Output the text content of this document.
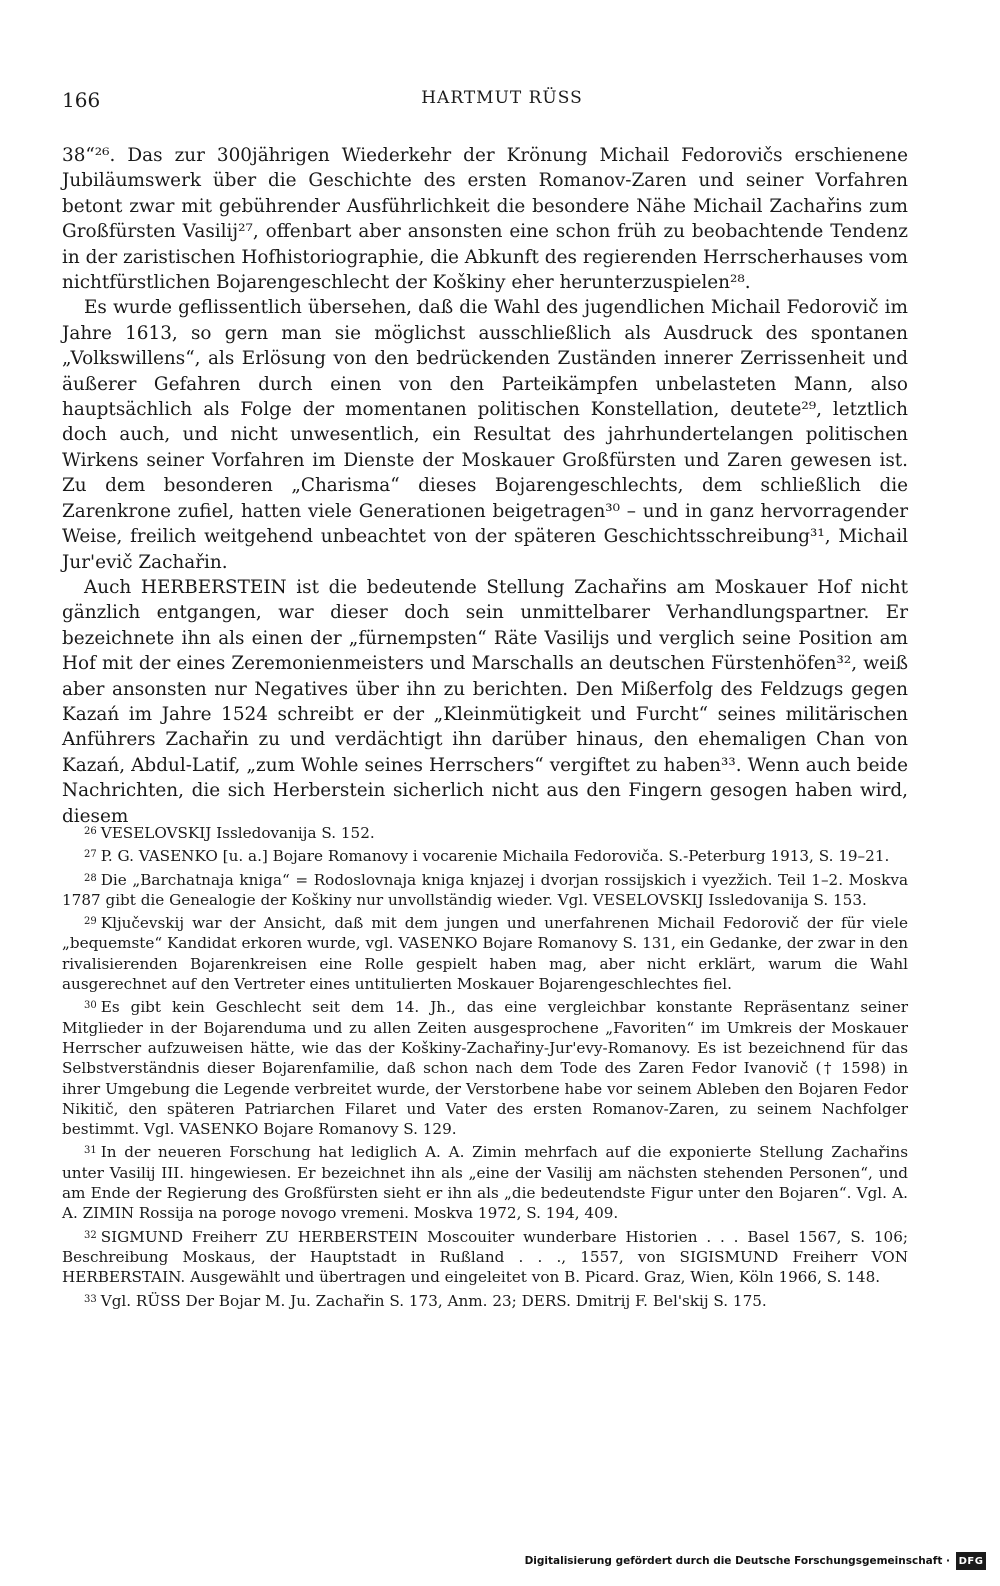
166	HARTMUT RÜSS

38“²⁶. Das zur 300jährigen Wiederkehr der Krönung Michail Fedorovičs erschienene Jubiläumswerk über die Geschichte des ersten Romanov-Zaren und seiner Vorfahren betont zwar mit gebührender Ausführlichkeit die besondere Nähe Michail Zachařins zum Großfürsten Vasilij²⁷, offenbart aber ansonsten eine schon früh zu beobachtende Tendenz in der zaristischen Hofhistoriographie, die Abkunft des regierenden Herrscherhauses vom nichtfürstlichen Bojarengeschlecht der Koškiny eher herunterzuspielen²⁸.

Es wurde geflissentlich übersehen, daß die Wahl des jugendlichen Michail Fedorovič im Jahre 1613, so gern man sie möglichst ausschließlich als Ausdruck des spontanen „Volkswillens“, als Erlösung von den bedrückenden Zuständen innerer Zerrissenheit und äußerer Gefahren durch einen von den Parteikämpfen unbelasteten Mann, also hauptsächlich als Folge der momentanen politischen Konstellation, deutete²⁹, letztlich doch auch, und nicht unwesentlich, ein Resultat des jahrhundertelangen politischen Wirkens seiner Vorfahren im Dienste der Moskauer Großfürsten und Zaren gewesen ist. Zu dem besonderen „Charisma“ dieses Bojarengeschlechts, dem schließlich die Zarenkrone zufiel, hatten viele Generationen beigetragen³⁰ – und in ganz hervorragender Weise, freilich weitgehend unbeachtet von der späteren Geschichtsschreibung³¹, Michail Jur'evič Zachařin.

Auch HERBERSTEIN ist die bedeutende Stellung Zachařins am Moskauer Hof nicht gänzlich entgangen, war dieser doch sein unmittelbarer Verhandlungspartner. Er bezeichnete ihn als einen der „fürnempsten“ Räte Vasilijs und verglich seine Position am Hof mit der eines Zeremonienmeisters und Marschalls an deutschen Fürstenhöfen³², weiß aber ansonsten nur Negatives über ihn zu berichten. Den Mißerfolg des Feldzugs gegen Kazań im Jahre 1524 schreibt er der „Kleinmütigkeit und Furcht“ seines militärischen Anführers Zachařin zu und verdächtigt ihn darüber hinaus, den ehemaligen Chan von Kazań, Abdul-Latif, „zum Wohle seines Herrschers“ vergiftet zu haben³³. Wenn auch beide Nachrichten, die sich Herberstein sicherlich nicht aus den Fingern gesogen haben wird, diesem

$^{26}$ VESELOVSKIJ Issledovanija S. 152.

$^{27}$ P. G. VASENKO [u. a.] Bojare Romanovy i vocarenie Michaila Fedoroviča. S.-Peterburg 1913, S. 19–21.

$^{28}$ Die „Barchatnaja kniga“ = Rodoslovnaja kniga knjazej i dvorjan rossijskich i vyezžich. Teil 1–2. Moskva 1787 gibt die Genealogie der Koškiny nur unvollständig wieder. Vgl. VESELOVSKIJ Issledovanija S. 153.

$^{29}$ Ključevskij war der Ansicht, daß mit dem jungen und unerfahrenen Michail Fedorovič der für viele „bequemste“ Kandidat erkoren wurde, vgl. VASENKO Bojare Romanovy S. 131, ein Gedanke, der zwar in den rivalisierenden Bojarenkreisen eine Rolle gespielt haben mag, aber nicht erklärt, warum die Wahl ausgerechnet auf den Vertreter eines untitulierten Moskauer Bojarengeschlechtes fiel.

$^{30}$ Es gibt kein Geschlecht seit dem 14. Jh., das eine vergleichbar konstante Repräsentanz seiner Mitglieder in der Bojarenduma und zu allen Zeiten ausgesprochene „Favoriten“ im Umkreis der Moskauer Herrscher aufzuweisen hätte, wie das der Koškiny-Zachařiny-Jur'evy-Romanovy. Es ist bezeichnend für das Selbstverständnis dieser Bojarenfamilie, daß schon nach dem Tode des Zaren Fedor Ivanovič († 1598) in ihrer Umgebung die Legende verbreitet wurde, der Verstorbene habe vor seinem Ableben den Bojaren Fedor Nikitič, den späteren Patriarchen Filaret und Vater des ersten Romanov-Zaren, zu seinem Nachfolger bestimmt. Vgl. VASENKO Bojare Romanovy S. 129.

$^{31}$ In der neueren Forschung hat lediglich A. A. Zimin mehrfach auf die exponierte Stellung Zachařins unter Vasilij III. hingewiesen. Er bezeichnet ihn als „eine der Vasilij am nächsten stehenden Personen“, und am Ende der Regierung des Großfürsten sieht er ihn als „die bedeutendste Figur unter den Bojaren“. Vgl. A. A. ZIMIN Rossija na poroge novogo vremeni. Moskva 1972, S. 194, 409.

$^{32}$ SIGMUND Freiherr ZU HERBERSTEIN Moscouiter wunderbare Historien . . . Basel 1567, S. 106; Beschreibung Moskaus, der Hauptstadt in Rußland . . ., 1557, von SIGISMUND Freiherr VON HERBERSTAIN. Ausgewählt und übertragen und eingeleitet von B. Picard. Graz, Wien, Köln 1966, S. 148.

$^{33}$ Vgl. RÜSS Der Bojar M. Ju. Zachařin S. 173, Anm. 23; DERS. Dmitrij F. Bel'skij S. 175.

Digitalisierung gefördert durch die Deutsche Forschungsgemeinschaft · DFG
